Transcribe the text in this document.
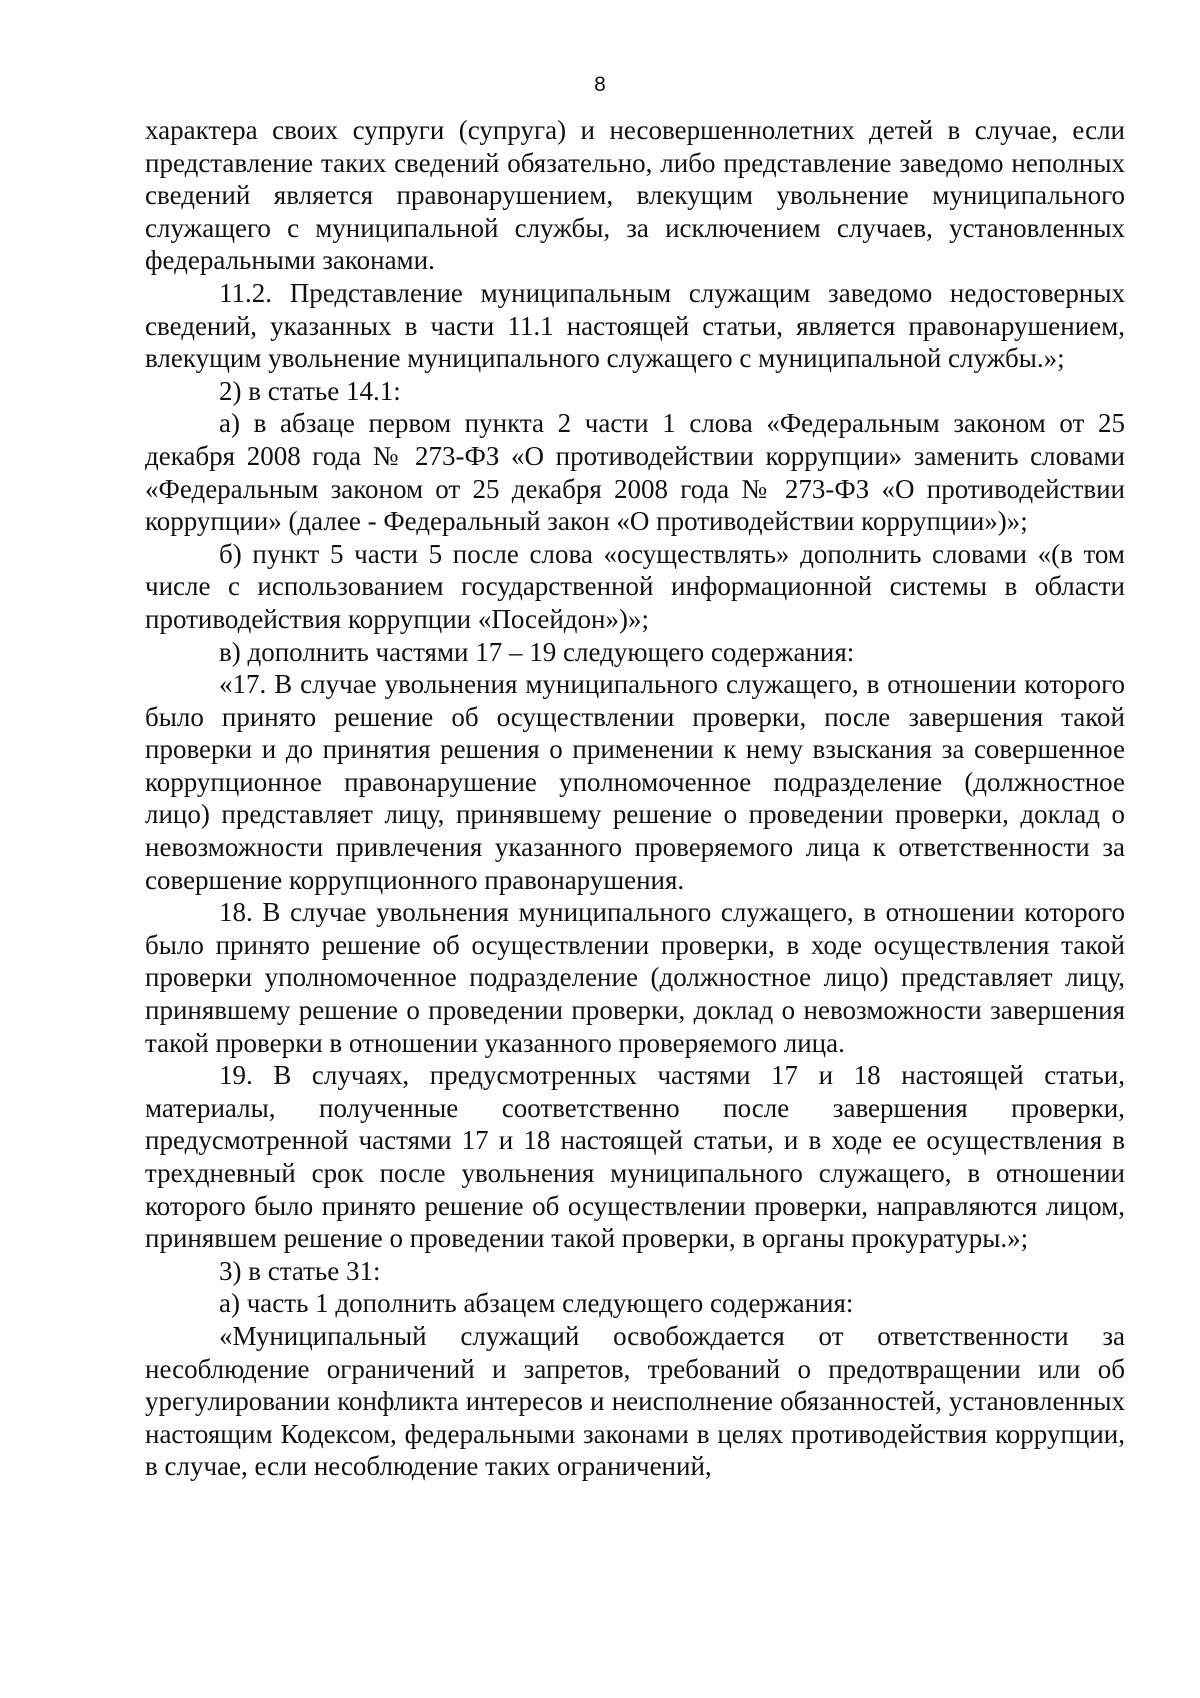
8

характера своих супруги (супруга) и несовершеннолетних детей в случае, если представление таких сведений обязательно, либо представление заведомо неполных сведений является правонарушением, влекущим увольнение муниципального служащего с муниципальной службы, за исключением случаев, установленных федеральными законами.

11.2. Представление муниципальным служащим заведомо недостоверных сведений, указанных в части 11.1 настоящей статьи, является правонарушением, влекущим увольнение муниципального служащего с муниципальной службы.»;

2) в статье 14.1:

а) в абзаце первом пункта 2 части 1 слова «Федеральным законом от 25 декабря 2008 года № 273-ФЗ «О противодействии коррупции» заменить словами «Федеральным законом от 25 декабря 2008 года № 273-ФЗ «О противодействии коррупции» (далее - Федеральный закон «О противодействии коррупции»)»;

б) пункт 5 части 5 после слова «осуществлять» дополнить словами «(в том числе с использованием государственной информационной системы в области противодействия коррупции «Посейдон»)»;

в) дополнить частями 17 – 19 следующего содержания:

«17. В случае увольнения муниципального служащего, в отношении которого было принято решение об осуществлении проверки, после завершения такой проверки и до принятия решения о применении к нему взыскания за совершенное коррупционное правонарушение уполномоченное подразделение (должностное лицо) представляет лицу, принявшему решение о проведении проверки, доклад о невозможности привлечения указанного проверяемого лица к ответственности за совершение коррупционного правонарушения.

18. В случае увольнения муниципального служащего, в отношении которого было принято решение об осуществлении проверки, в ходе осуществления такой проверки уполномоченное подразделение (должностное лицо) представляет лицу, принявшему решение о проведении проверки, доклад о невозможности завершения такой проверки в отношении указанного проверяемого лица.

19. В случаях, предусмотренных частями 17 и 18 настоящей статьи, материалы, полученные соответственно после завершения проверки, предусмотренной частями 17 и 18 настоящей статьи, и в ходе ее осуществления в трехдневный срок после увольнения муниципального служащего, в отношении которого было принято решение об осуществлении проверки, направляются лицом, принявшем решение о проведении такой проверки, в органы прокуратуры.»;

3) в статье 31:

а) часть 1 дополнить абзацем следующего содержания:

«Муниципальный служащий освобождается от ответственности за несоблюдение ограничений и запретов, требований о предотвращении или об урегулировании конфликта интересов и неисполнение обязанностей, установленных настоящим Кодексом, федеральными законами в целях противодействия коррупции, в случае, если несоблюдение таких ограничений,
